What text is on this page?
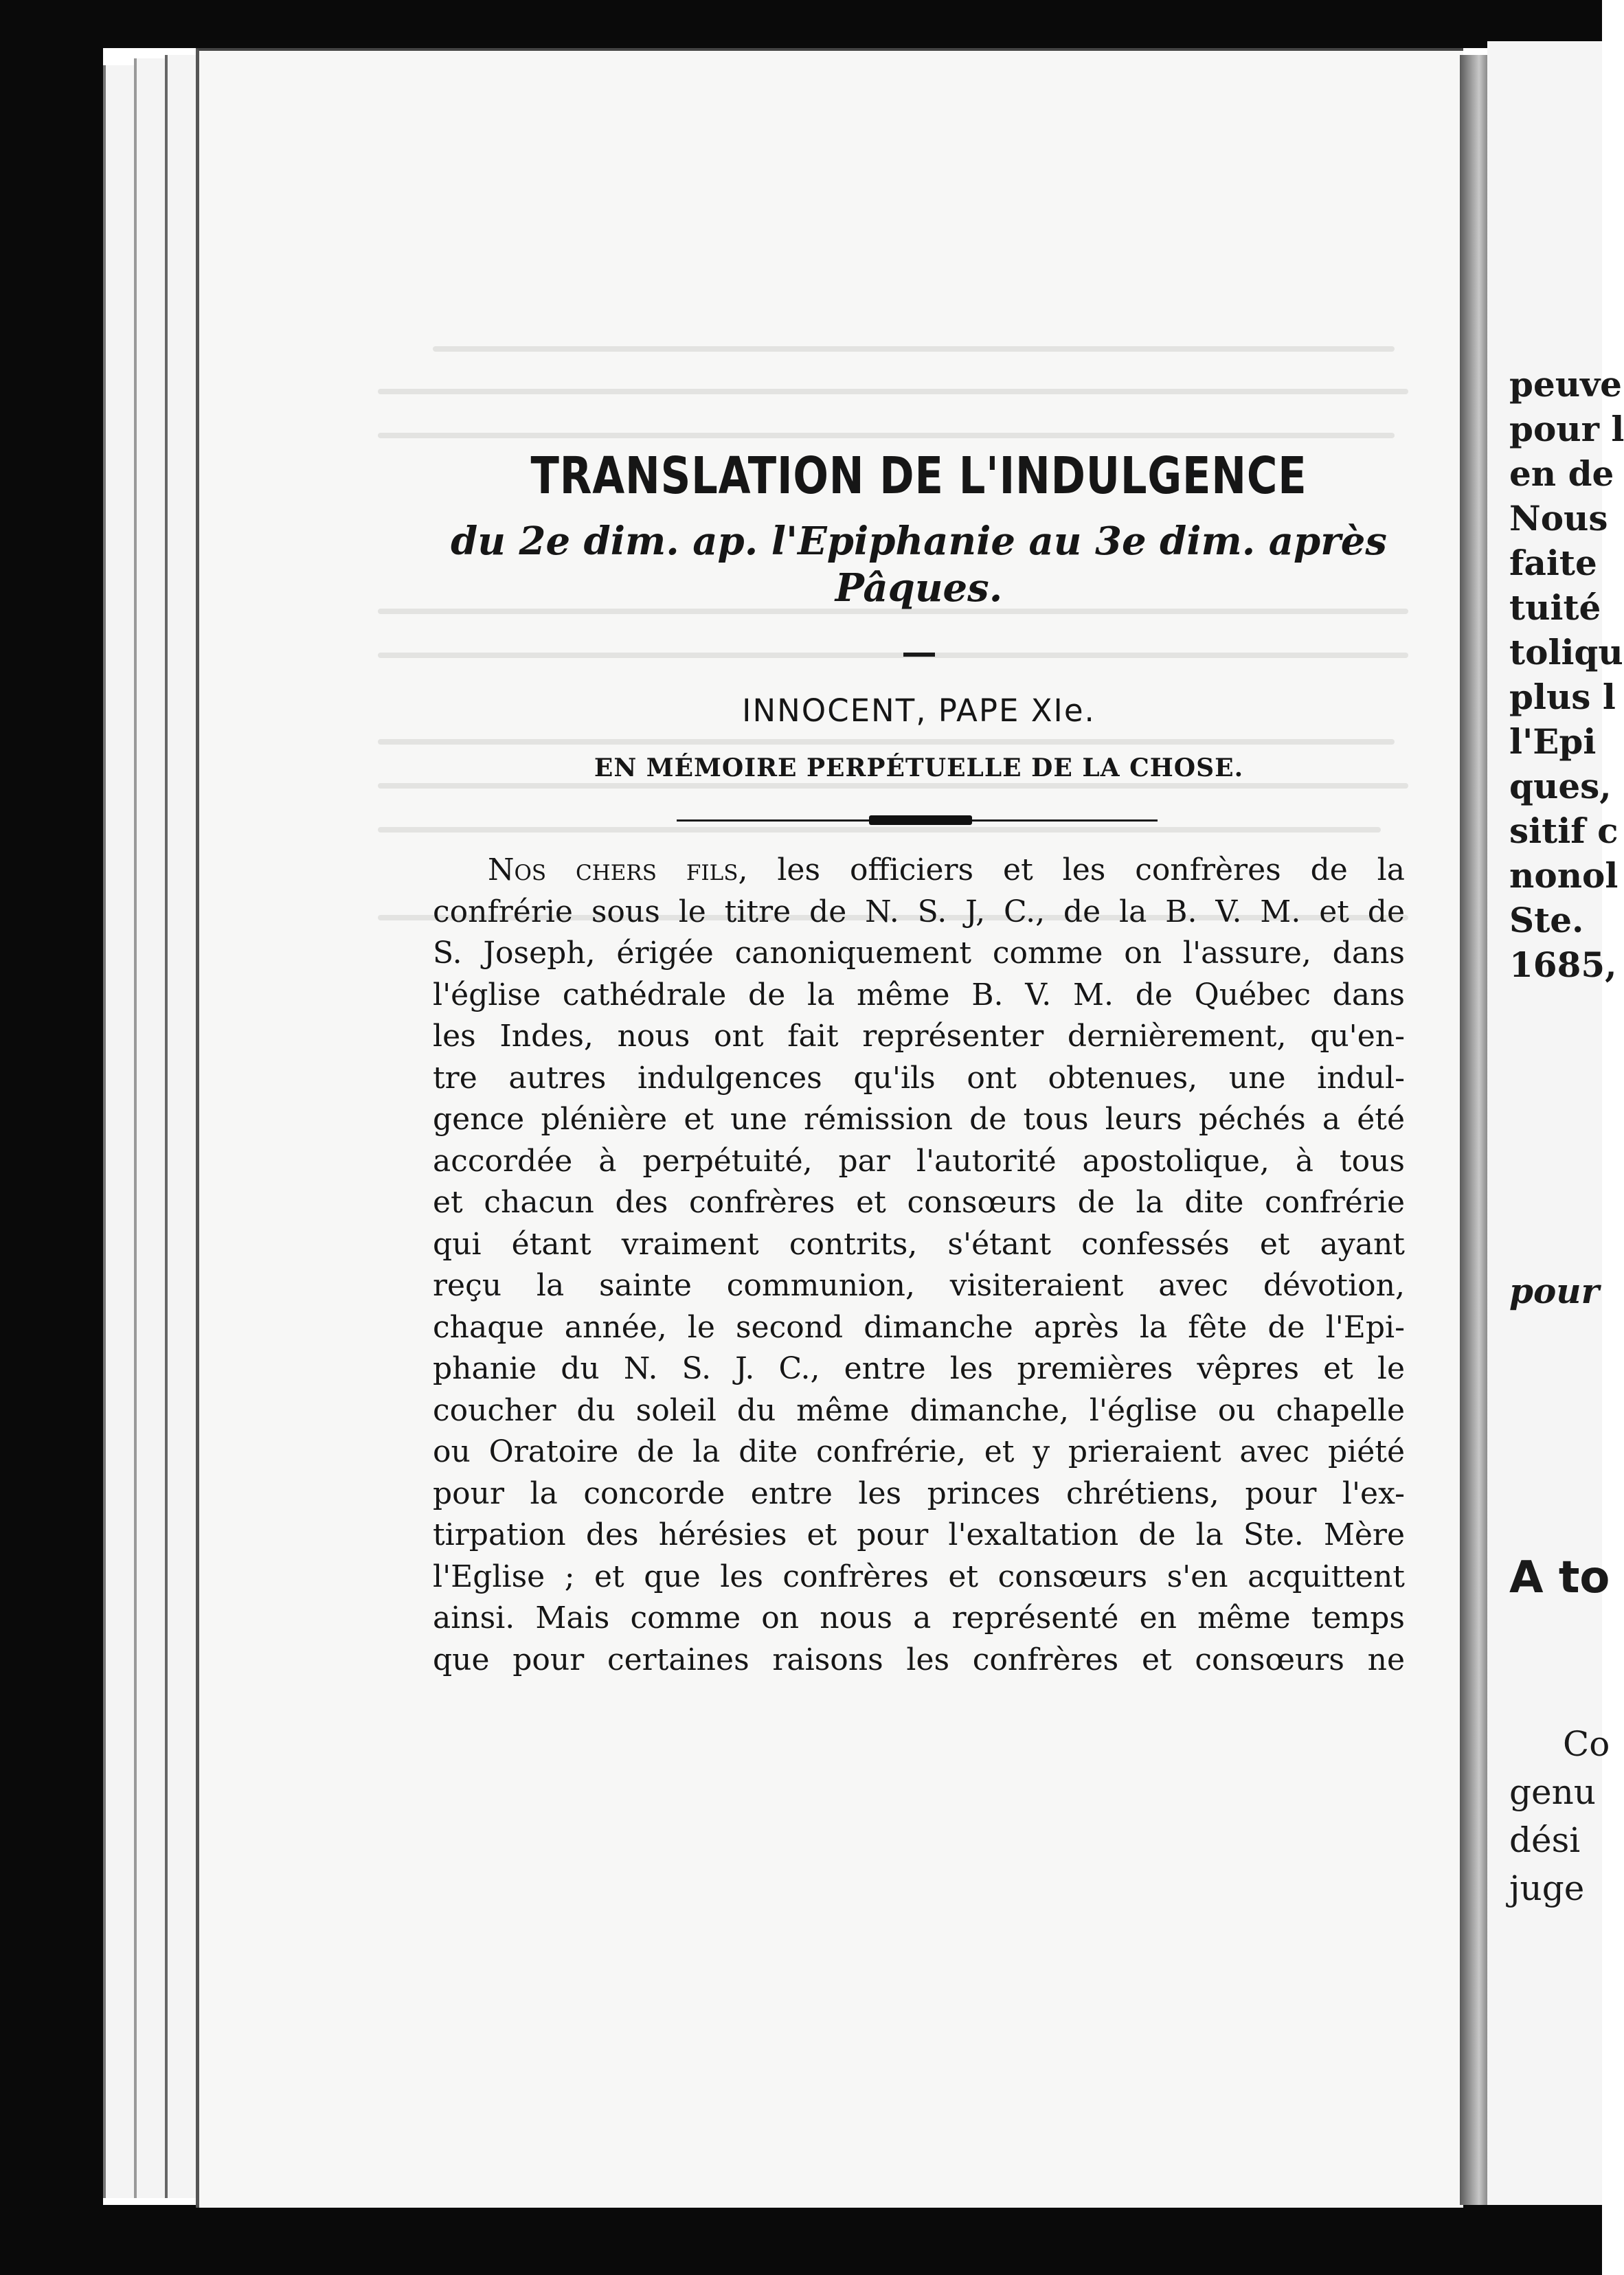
peuve
pour l
en de
Nous
faite
tuité
toliqu
plus l
l'Epi
ques,
sitif c
nonol
Ste.
1685,
pour
A to
Co
genu
dési
juge
TRANSLATION DE L'INDULGENCE
du 2e dim. ap. l'Epiphanie au 3e dim. après
Pâques.
INNOCENT, PAPE XIe.
EN MÉMOIRE PERPÉTUELLE DE LA CHOSE.
Nos chers fils, les officiers et les confrères de la
confrérie sous le titre de N. S. J, C., de la B. V. M. et de
S. Joseph, érigée canoniquement comme on l'assure, dans
l'église cathédrale de la même B. V. M. de Québec dans
les Indes, nous ont fait représenter dernièrement, qu'en-
tre autres indulgences qu'ils ont obtenues, une indul-
gence plénière et une rémission de tous leurs péchés a été
accordée à perpétuité, par l'autorité apostolique, à tous
et chacun des confrères et consœurs de la dite confrérie
qui étant vraiment contrits, s'étant confessés et ayant
reçu la sainte communion, visiteraient avec dévotion,
chaque année, le second dimanche après la fête de l'Epi-
phanie du N. S. J. C., entre les premières vêpres et le
coucher du soleil du même dimanche, l'église ou chapelle
ou Oratoire de la dite confrérie, et y prieraient avec piété
pour la concorde entre les princes chrétiens, pour l'ex-
tirpation des hérésies et pour l'exaltation de la Ste. Mère
l'Eglise ; et que les confrères et consœurs s'en acquittent
ainsi. Mais comme on nous a représenté en même temps
que pour certaines raisons les confrères et consœurs ne
